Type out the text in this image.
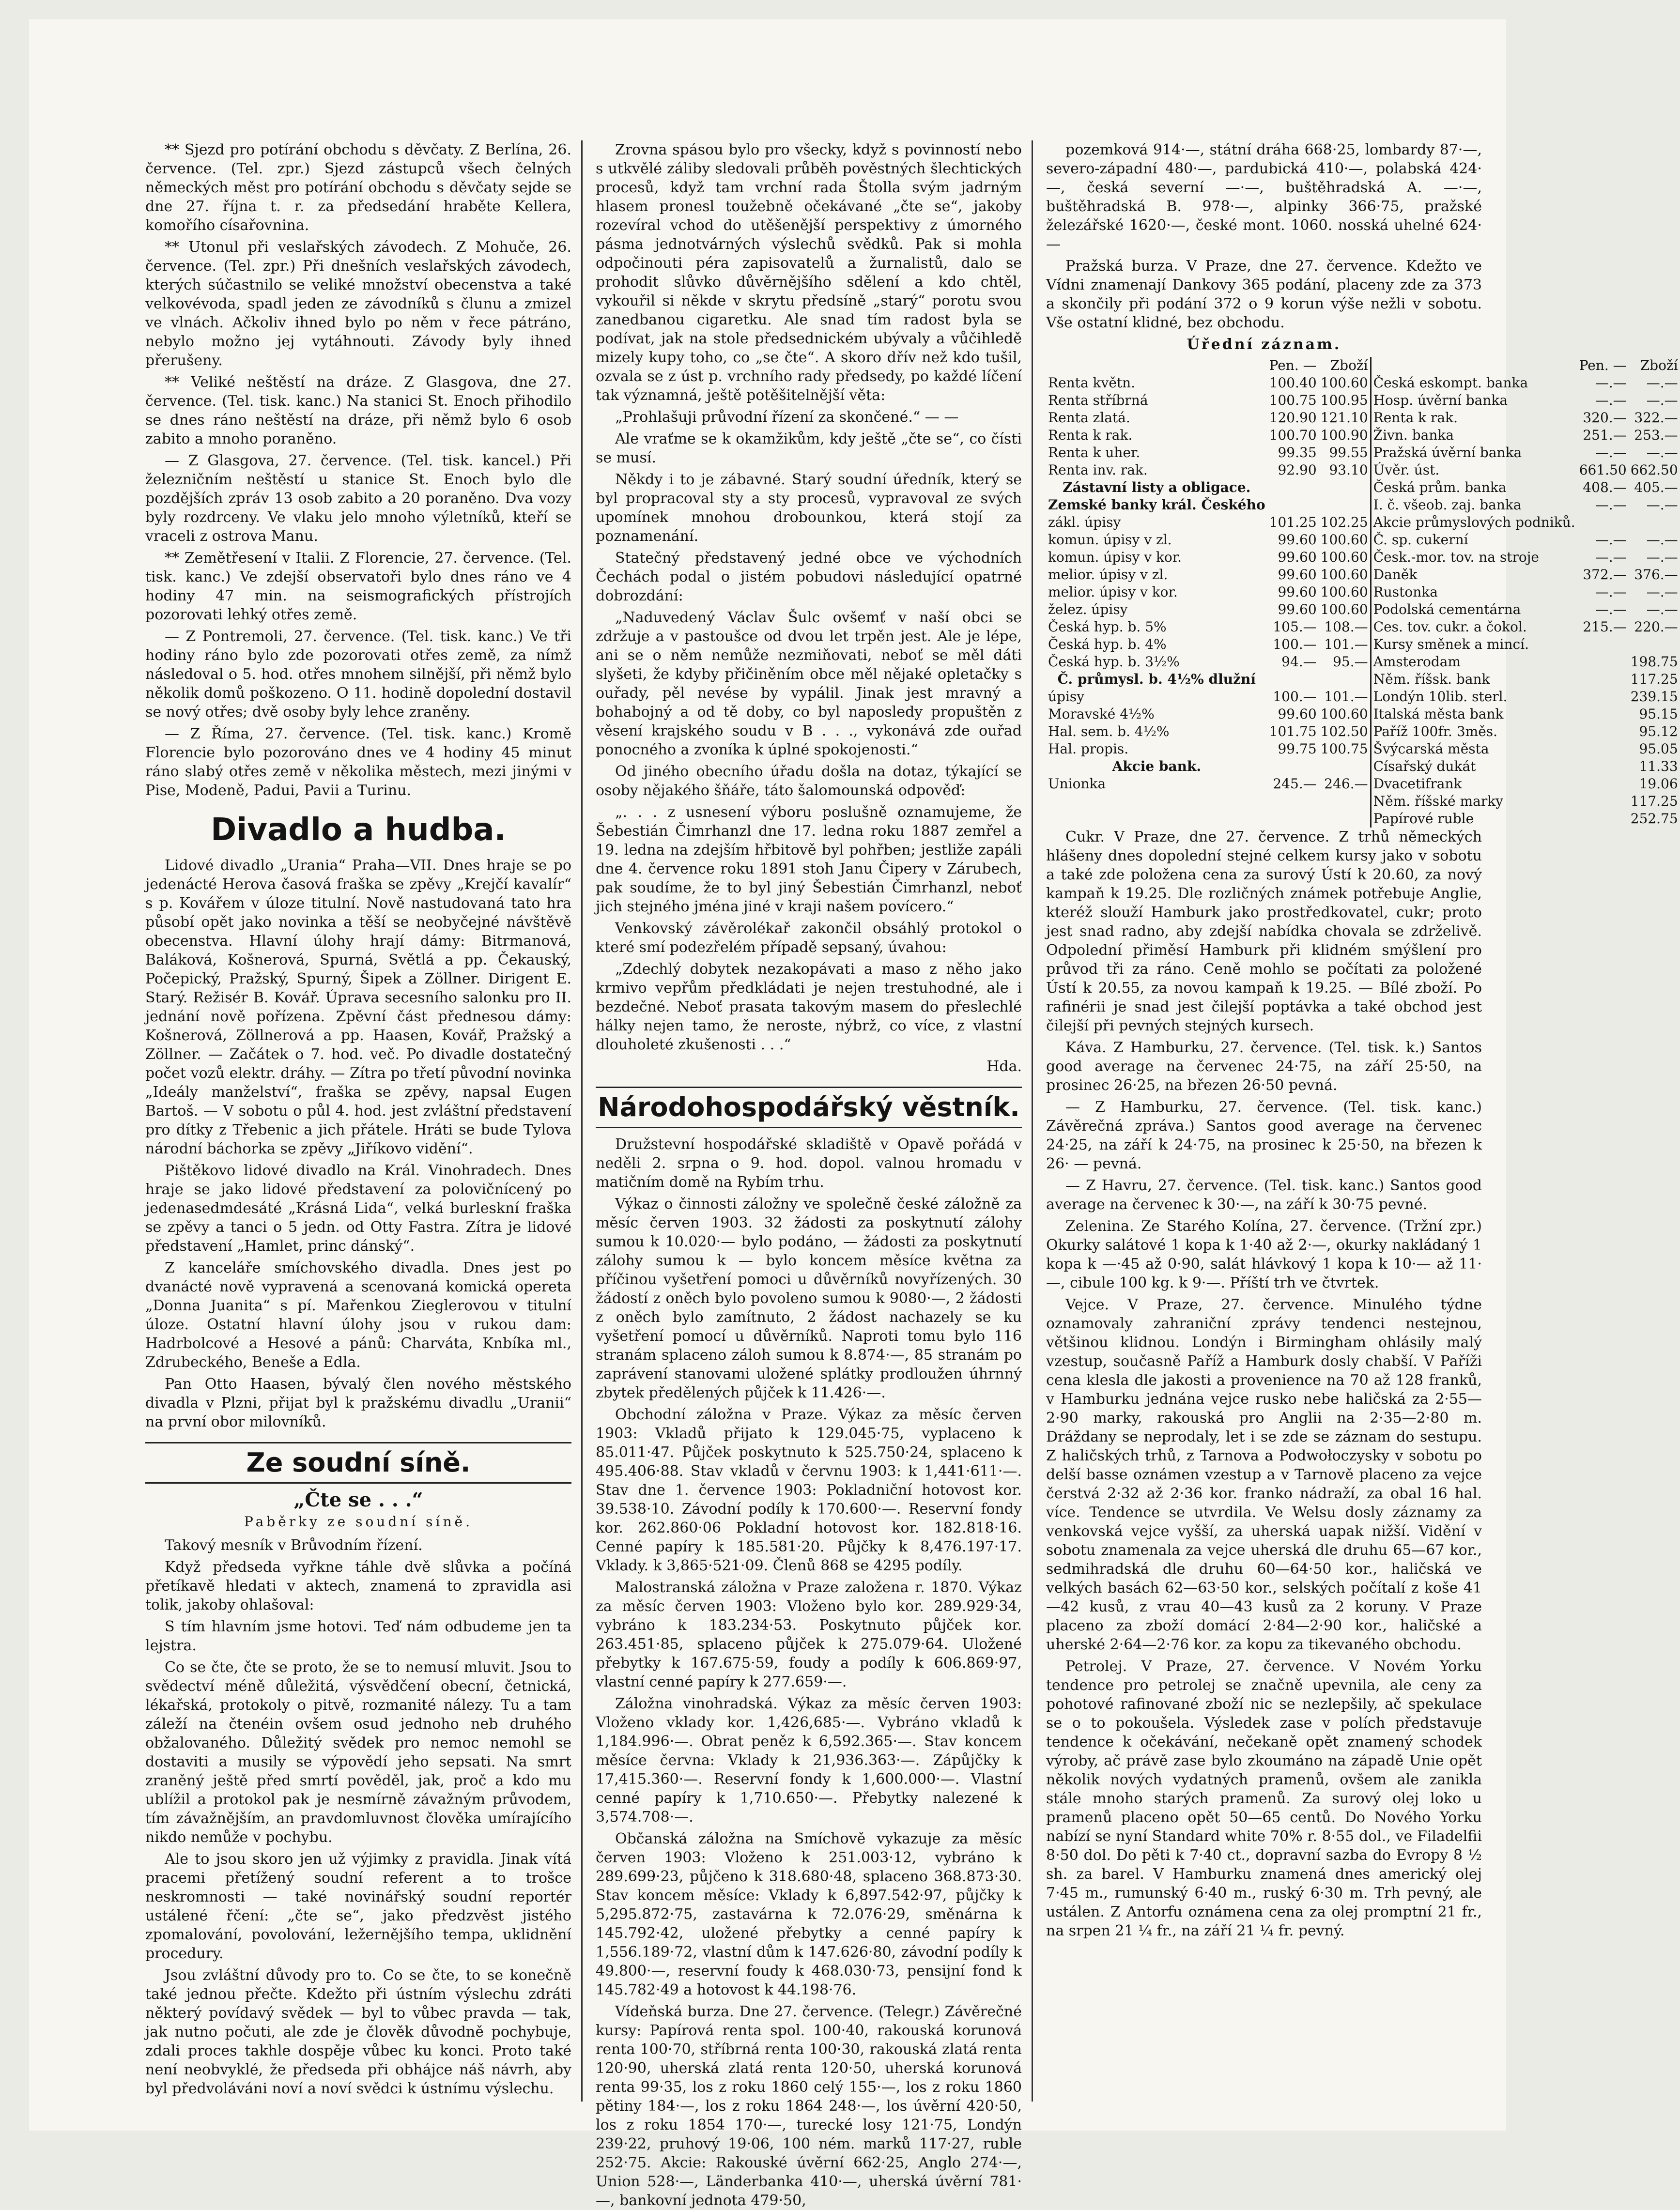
** Sjezd pro potírání obchodu s děvčaty. Z Berlína, 26. července. (Tel. zpr.) Sjezd zástupců všech čelných německých měst pro potírání obchodu s děvčaty sejde se dne 27. října t. r. za předsedání hraběte Kellera, komořího císařovnina.

** Utonul při veslařských závodech. Z Mohuče, 26. července. (Tel. zpr.) Při dnešních veslařských závodech, kterých súčastnilo se veliké množství obecenstva a také velkovévoda, spadl jeden ze závodníků s člunu a zmizel ve vlnách. Ačkoliv ihned bylo po něm v řece pátráno, nebylo možno jej vytáhnouti. Závody byly ihned přerušeny.

** Veliké neštěstí na dráze. Z Glasgova, dne 27. července. (Tel. tisk. kanc.) Na stanici St. Enoch přihodilo se dnes ráno neštěstí na dráze, při němž bylo 6 osob zabito a mnoho poraněno.

— Z Glasgova, 27. července. (Tel. tisk. kancel.) Při železničním neštěstí u stanice St. Enoch bylo dle pozdějších zpráv 13 osob zabito a 20 poraněno. Dva vozy byly rozdrceny. Ve vlaku jelo mnoho výletníků, kteří se vraceli z ostrova Manu.

** Zemětřesení v Italii. Z Florencie, 27. července. (Tel. tisk. kanc.) Ve zdejší observatoři bylo dnes ráno ve 4 hodiny 47 min. na seismografických přístrojích pozorovati lehký otřes země.

— Z Pontremoli, 27. července. (Tel. tisk. kanc.) Ve tři hodiny ráno bylo zde pozorovati otřes země, za nímž následoval o 5. hod. otřes mnohem silnější, při němž bylo několik domů poškozeno. O 11. hodině dopolední dostavil se nový otřes; dvě osoby byly lehce zraněny.

— Z Říma, 27. července. (Tel. tisk. kanc.) Kromě Florencie bylo pozorováno dnes ve 4 hodiny 45 minut ráno slabý otřes země v několika městech, mezi jinými v Pise, Modeně, Padui, Pavii a Turinu.

Divadlo a hudba.

Lidové divadlo „Urania“ Praha—VII. Dnes hraje se po jedenácté Herova časová fraška se zpěvy „Krejčí kavalír“ s p. Kovářem v úloze titulní. Nově nastudovaná tato hra působí opět jako novinka a těší se neobyčejné návštěvě obecenstva. Hlavní úlohy hrají dámy: Bitrmanová, Baláková, Košnerová, Spurná, Světlá a pp. Čekauský, Počepický, Pražský, Spurný, Šipek a Zöllner. Dirigent E. Starý. Režisér B. Kovář. Úprava secesního salonku pro II. jednání nově pořízena. Zpěvní část přednesou dámy: Košnerová, Zöllnerová a pp. Haasen, Kovář, Pražský a Zöllner. — Začátek o 7. hod. več. Po divadle dostatečný počet vozů elektr. dráhy. — Zítra po třetí původní novinka „Ideály manželství“, fraška se zpěvy, napsal Eugen Bartoš. — V sobotu o půl 4. hod. jest zvláštní představení pro dítky z Třebenic a jich přátele. Hráti se bude Tylova národní báchorka se zpěvy „Jiříkovo vidění“.

Pištěkovo lidové divadlo na Král. Vinohradech. Dnes hraje se jako lidové představení za polovičnícený po jedenasedmdesáté „Krásná Lida“, velká burleskní fraška se zpěvy a tanci o 5 jedn. od Otty Fastra. Zítra je lidové představení „Hamlet, princ dánský“.

Z kanceláře smíchovského divadla. Dnes jest po dvanácté nově vypravená a scenovaná komická opereta „Donna Juanita“ s pí. Mařenkou Zieglerovou v titulní úloze. Ostatní hlavní úlohy jsou v rukou dam: Hadrbolcové a Hesové a pánů: Charváta, Knbíka ml., Zdrubeckého, Beneše a Edla.

Pan Otto Haasen, bývalý člen nového městského divadla v Plzni, přijat byl k pražskému divadlu „Uranii“ na první obor milovníků.

Ze soudní síně.
„Čte se . . .“
Paběrky ze soudní síně.

Takový mesník v Brůvodním řízení.

Když předseda vyřkne táhle dvě slůvka a počíná přetíkavě hledati v aktech, znamená to zpravidla asi tolik, jakoby ohlašoval:

S tím hlavním jsme hotovi. Teď nám odbudeme jen ta lejstra.

Co se čte, čte se proto, že se to nemusí mluvit. Jsou to svědectví méně důležitá, výsvědčení obecní, četnická, lékařská, protokoly o pitvě, rozmanité nálezy. Tu a tam záleží na čtenéin ovšem osud jednoho neb druhého obžalovaného. Důležitý svědek pro nemoc nemohl se dostaviti a musily se výpovědí jeho sepsati. Na smrt zraněný ještě před smrtí pověděl, jak, proč a kdo mu ublížil a protokol pak je nesmírně závažným průvodem, tím závažnějším, an pravdomluvnost člověka umírajícího nikdo nemůže v pochybu.

Ale to jsou skoro jen už výjimky z pravidla. Jinak vítá pracemi přetížený soudní referent a to trošce neskromnosti — také novinářský soudní reportér ustálené řčení: „čte se“, jako předzvěst jistého zpomalování, povolování, ležernějšího tempa, uklidnění procedury.

Jsou zvláštní důvody pro to. Co se čte, to se konečně také jednou přečte. Kdežto při ústním výslechu zdráti některý povídavý svědek — byl to vůbec pravda — tak, jak nutno počuti, ale zde je člověk důvodně pochybuje, zdali proces takhle dospěje vůbec ku konci. Proto také není neobvyklé, že předseda při obhájce náš návrh, aby byl předvoláváni noví a noví svědci k ústnímu výslechu.

Zrovna spásou bylo pro všecky, když s povinností nebo s utkvělé záliby sledovali průběh pověstných šlechtických procesů, když tam vrchní rada Štolla svým jadrným hlasem pronesl toužebně očekávané „čte se“, jakoby rozevíral vchod do utěšenější perspektivy z úmorného pásma jednotvárných výslechů svědků. Pak si mohla odpočinouti péra zapisovatelů a žurnalistů, dalo se prohodit slůvko důvěrnějšího sdělení a kdo chtěl, vykouřil si někde v skrytu předsíně „starý“ porotu svou zanedbanou cigaretku. Ale snad tím radost byla se podívat, jak na stole předsednickém ubývaly a vůčihledě mizely kupy toho, co „se čte“. A skoro dřív než kdo tušil, ozvala se z úst p. vrchního rady předsedy, po každé líčení tak významná, ještě potěšitelnější věta:

„Prohlašuji průvodní řízení za skončené.“ — —

Ale vraťme se k okamžikům, kdy ještě „čte se“, co čísti se musí.

Někdy i to je zábavné. Starý soudní úředník, který se byl propracoval sty a sty procesů, vypravoval ze svých upomínek mnohou drobounkou, která stojí za poznamenání.

Statečný představený jedné obce ve východních Čechách podal o jistém pobudovi následující opatrné dobrozdání:

„Naduvedený Václav Šulc ovšemť v naší obci se zdržuje a v pastoušce od dvou let trpěn jest. Ale je lépe, ani se o něm nemůže nezmiňovati, neboť se měl dáti slyšeti, že kdyby přičiněním obce měl nějaké opletačky s ouřady, pěl nevése by vypálil. Jinak jest mravný a bohabojný a od tě doby, co byl naposledy propuštěn z věsení krajského soudu v B . . ., vykonává zde ouřad ponocného a zvoníka k úplné spokojenosti.“

Od jiného obecního úřadu došla na dotaz, týkající se osoby nějakého šňáře, táto šalomounská odpověď:

„. . . z usnesení výboru poslušně oznamujeme, že Šebestián Čimrhanzl dne 17. ledna roku 1887 zemřel a 19. ledna na zdejším hřbitově byl pohřben; jestliže zapáli dne 4. července roku 1891 stoh Janu Čipery v Zárubech, pak soudíme, že to byl jiný Šebestián Čimrhanzl, neboť jich stejného jména jiné v kraji našem povícero.“

Venkovský závěrolékař zakončil obsáhlý protokol o které smí podezřelém případě sepsaný, úvahou:

„Zdechlý dobytek nezakopávati a maso z něho jako krmivo vepřům předkládati je nejen trestuhodné, ale i bezdečné. Neboť prasata takovým masem do přeslechlé hálky nejen tamo, že neroste, nýbrž, co více, z vlastní dlouholeté zkušenosti . . .“

Hda.

Národohospodářský věstník.

Družstevní hospodářské skladiště v Opavě pořádá v neděli 2. srpna o 9. hod. dopol. valnou hromadu v matičním domě na Rybím trhu.

Výkaz o činnosti záložny ve společně české záložně za měsíc červen 1903. 32 žádosti za poskytnutí zálohy sumou k 10.020·— bylo podáno, — žádosti za poskytnutí zálohy sumou k — bylo koncem měsíce května za příčinou vyšetření pomoci u důvěrníků novyřízených. 30 žádostí z oněch bylo povoleno sumou k 9080·—, 2 žádosti z oněch bylo zamítnuto, 2 žádost nachazely se ku vyšetření pomocí u důvěrníků. Naproti tomu bylo 116 stranám splaceno záloh sumou k 8.874·—, 85 stranám po zaprávení stanovami uložené splátky prodloužen úhrnný zbytek předělených půjček k 11.426·—.

Obchodní záložna v Praze. Výkaz za měsíc červen 1903: Vkladů přijato k 129.045·75, vyplaceno k 85.011·47. Půjček poskytnuto k 525.750·24, splaceno k 495.406·88. Stav vkladů v červnu 1903: k 1,441·611·—. Stav dne 1. července 1903: Pokladniční hotovost kor. 39.538·10. Závodní podíly k 170.600·—. Reservní fondy kor. 262.860·06 Pokladní hotovost kor. 182.818·16. Cenné papíry k 185.581·20. Půjčky k 8,476.197·17. Vklady. k 3,865·521·09. Členů 868 se 4295 podíly.

Malostranská záložna v Praze založena r. 1870. Výkaz za měsíc červen 1903: Vloženo bylo kor. 289.929·34, vybráno k 183.234·53. Poskytnuto půjček kor. 263.451·85, splaceno půjček k 275.079·64. Uložené přebytky k 167.675·59, foudy a podíly k 606.869·97, vlastní cenné papíry k 277.659·—.

Záložna vinohradská. Výkaz za měsíc červen 1903: Vloženo vklady kor. 1,426,685·—. Vybráno vkladů k 1,184.996·—. Obrat peněz k 6,592.365·—. Stav koncem měsíce června: Vklady k 21,936.363·—. Zápůjčky k 17,415.360·—. Reservní fondy k 1,600.000·—. Vlastní cenné papíry k 1,710.650·—. Přebytky nalezené k 3,574.708·—.

Občanská záložna na Smíchově vykazuje za měsíc červen 1903: Vloženo k 251.003·12, vybráno k 289.699·23, půjčeno k 318.680·48, splaceno 368.873·30. Stav koncem měsíce: Vklady k 6,897.542·97, půjčky k 5,295.872·75, zastavárna k 72.076·29, směnárna k 145.792·42, uložené přebytky a cenné papíry k 1,556.189·72, vlastní dům k 147.626·80, závodní podíly k 49.800·—, reservní foudy k 468.030·73, pensijní fond k 145.782·49 a hotovost k 44.198·76.

Vídeňská burza. Dne 27. července. (Telegr.) Závěrečné kursy: Papírová renta spol. 100·40, rakouská korunová renta 100·70, stříbrná renta 100·30, rakouská zlatá renta 120·90, uherská zlatá renta 120·50, uherská korunová renta 99·35, los z roku 1860 celý 155·—, los z roku 1860 pětiny 184·—, los z roku 1864 248·—, los úvěrní 420·50, los z roku 1854 170·—, turecké losy 121·75, Londýn 239·22, pruhový 19·06, 100 ném. marků 117·27, ruble 252·75. Akcie: Rakouské úvěrní 662·25, Anglo 274·—, Union 528·—, Länderbanka 410·—, uherská úvěrní 781·—, bankovní jednota 479·50,

pozemková 914·—, státní dráha 668·25, lombardy 87·—, severo-západní 480·—, pardubická 410·—, polabská 424·—, česká severní —·—, buštěhradská A. —·—, buštěhradská B. 978·—, alpinky 366·75, pražské železářské 1620·—, české mont. 1060. nosská uhelné 624·—

Pražská burza. V Praze, dne 27. července. Kdežto ve Vídni znamenají Dankovy 365 podání, placeny zde za 373 a skončily při podání 372 o 9 korun výše nežli v sobotu. Vše ostatní klidné, bez obchodu.

Úřední záznam.
	Pen. —	Zboží		Pen. —	Zboží
Renta květn.	100.40	100.60	Česká eskompt. banka	—.—	—.—
Renta stříbrná	100.75	100.95	Hosp. úvěrní banka	—.—	—.—
Renta zlatá.	120.90	121.10	Renta k rak.	320.—	322.—
Renta k rak.	100.70	100.90	Živn. banka	251.—	253.—
Renta k uher.	99.35	99.55	Pražská úvěrní banka	—.—	—.—
Renta inv. rak.	92.90	93.10	Úvěr. úst.	661.50	662.50
Zástavní listy a obligace.			Česká prům. banka	408.—	405.—
Zemské banky král. Českého			I. č. všeob. zaj. banka	—.—	—.—
zákl. úpisy	101.25	102.25	Akcie průmyslových podniků.		
komun. úpisy v zl.	99.60	100.60	Č. sp. cukerní	—.—	—.—
komun. úpisy v kor.	99.60	100.60	Česk.-mor. tov. na stroje	—.—	—.—
melior. úpisy v zl.	99.60	100.60	Daněk	372.—	376.—
melior. úpisy v kor.	99.60	100.60	Rustonka	—.—	—.—
želez. úpisy	99.60	100.60	Podolská cementárna	—.—	—.—
Česká hyp. b. 5%	105.—	108.—	Ces. tov. cukr. a čokol.	215.—	220.—
Česká hyp. b. 4%	100.—	101.—	Kursy směnek a mincí.		
Česká hyp. b. 3½%	94.—	95.—	Amsterodam		198.75
Č. průmysl. b. 4½% dlužní			Něm. říšsk. bank		117.25
úpisy	100.—	101.—	Londýn 10lib. sterl.		239.15
Moravské 4½%	99.60	100.60	Italská města bank		95.15
Hal. sem. b. 4½%	101.75	102.50	Paříž 100fr. 3měs.		95.12
Hal. propis.	99.75	100.75	Švýcarská města		95.05
Akcie bank.			Císařský dukát		11.33
Unionka	245.—	246.—	Dvacetifrank		19.06
			Něm. říšské marky		117.25
			Papírové ruble		252.75

Cukr. V Praze, dne 27. července. Z trhů německých hlášeny dnes dopolední stejné celkem kursy jako v sobotu a také zde položena cena za surový Ústí k 20.60, za nový kampaň k 19.25. Dle rozličných známek potřebuje Anglie, kteréž slouží Hamburk jako prostředkovatel, cukr; proto jest snad radno, aby zdejší nabídka chovala se zdrželivě. Odpolední přiměsí Hamburk při klidném smýšlení pro průvod tři za ráno. Ceně mohlo se počítati za položené Ústí k 20.55, za novou kampaň k 19.25. — Bílé zboží. Po rafinérii je snad jest čilejší poptávka a také obchod jest čilejší při pevných stejných kursech.

Káva. Z Hamburku, 27. července. (Tel. tisk. k.) Santos good average na červenec 24·75, na září 25·50, na prosinec 26·25, na březen 26·50 pevná.

— Z Hamburku, 27. července. (Tel. tisk. kanc.) Závěrečná zpráva.) Santos good average na červenec 24·25, na září k 24·75, na prosinec k 25·50, na březen k 26· — pevná.

— Z Havru, 27. července. (Tel. tisk. kanc.) Santos good average na červenec k 30·—, na září k 30·75 pevné.

Zelenina. Ze Starého Kolína, 27. července. (Tržní zpr.) Okurky salátové 1 kopa k 1·40 až 2·—, okurky nakládaný 1 kopa k —·45 až 0·90, salát hlávkový 1 kopa k 10·— až 11·—, cibule 100 kg. k 9·—. Příští trh ve čtvrtek.

Vejce. V Praze, 27. července. Minulého týdne oznamovaly zahraniční zprávy tendenci nestejnou, většinou klidnou. Londýn i Birmingham ohlásily malý vzestup, současně Paříž a Hamburk dosly chabší. V Paříži cena klesla dle jakosti a provenience na 70 až 128 franků, v Hamburku jednána vejce rusko nebe haličská za 2·55—2·90 marky, rakouská pro Anglii na 2·35—2·80 m. Dráždany se neprodaly, let i se zde se záznam do sestupu. Z haličských trhů, z Tarnova a Podwołoczysky v sobotu po delší basse oznámen vzestup a v Tarnově placeno za vejce čerstvá 2·32 až 2·36 kor. franko nádraží, za obal 16 hal. více. Tendence se utvrdila. Ve Welsu dosly záznamy za venkovská vejce vyšší, za uherská uapak nižší. Vidění v sobotu znamenala za vejce uherská dle druhu 65—67 kor., sedmihradská dle druhu 60—64·50 kor., haličská ve velkých basách 62—63·50 kor., selských počítalí z koše 41—42 kusů, z vrau 40—43 kusů za 2 koruny. V Praze placeno za zboží domácí 2·84—2·90 kor., haličské a uherské 2·64—2·76 kor. za kopu za tikevaného obchodu.

Petrolej. V Praze, 27. července. V Novém Yorku tendence pro petrolej se značně upevnila, ale ceny za pohotové rafinované zboží nic se nezlepšily, ač spekulace se o to pokoušela. Výsledek zase v polích představuje tendence k očekávání, nečekaně opět znamený schodek výroby, ač právě zase bylo zkoumáno na západě Unie opět několik nových vydatných pramenů, ovšem ale zanikla stále mnoho starých pramenů. Za surový olej loko u pramenů placeno opět 50—65 centů. Do Nového Yorku nabízí se nyní Standard white 70% r. 8·55 dol., ve Filadelfii 8·50 dol. Do pěti k 7·40 ct., dopravní sazba do Evropy 8 ½ sh. za barel. V Hamburku znamená dnes americký olej 7·45 m., rumunský 6·40 m., ruský 6·30 m. Trh pevný, ale ustálen. Z Antorfu oznámena cena za olej promptní 21 fr., na srpen 21 ¼ fr., na září 21 ¼ fr. pevný.
